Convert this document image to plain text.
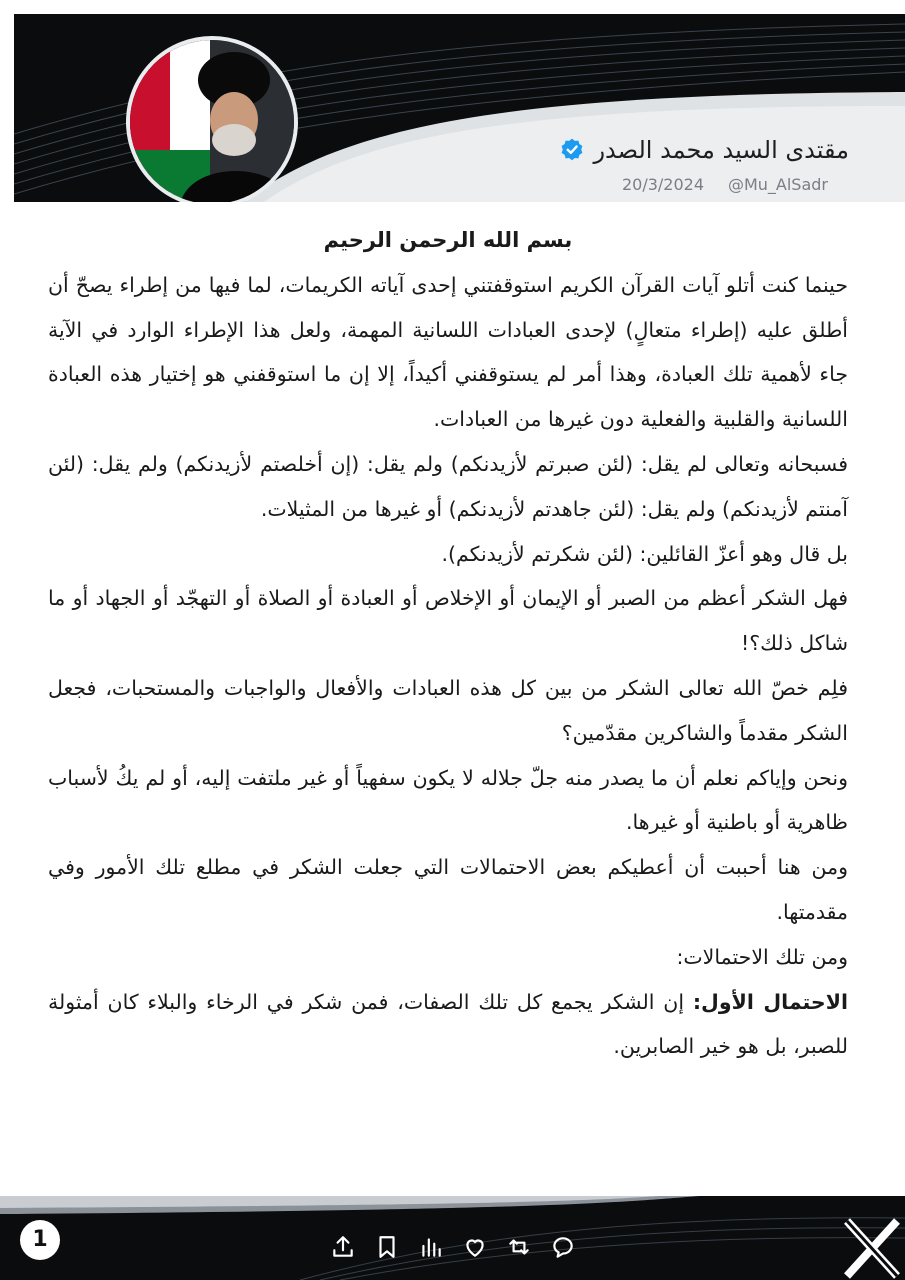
مقتدى السيد محمد الصدر
@Mu_AlSadr
20/3/2024

بسم الله الرحمن الرحيم

حينما كنت أتلو آيات القرآن الكريم استوقفتني إحدى آياته الكريمات، لما فيها من إطراء يصحّ أن أطلق عليه (إطراء متعالٍ) لإحدى العبادات اللسانية المهمة، ولعل هذا الإطراء الوارد في الآية جاء لأهمية تلك العبادة، وهذا أمر لم يستوقفني أكيداً، إلا إن ما استوقفني هو إختيار هذه العبادة اللسانية والقلبية والفعلية دون غيرها من العبادات.

فسبحانه وتعالى لم يقل: (لئن صبرتم لأزيدنكم) ولم يقل: (إن أخلصتم لأزيدنكم) ولم يقل: (لئن آمنتم لأزيدنكم) ولم يقل: (لئن جاهدتم لأزيدنكم) أو غيرها من المثيلات.

بل قال وهو أعزّ القائلين: (لئن شكرتم لأزيدنكم).

فهل الشكر أعظم من الصبر أو الإيمان أو الإخلاص أو العبادة أو الصلاة أو التهجّد أو الجهاد أو ما شاكل ذلك؟!

فلِم خصّ الله تعالى الشكر من بين كل هذه العبادات والأفعال والواجبات والمستحبات، فجعل الشكر مقدماً والشاكرين مقدّمين؟

ونحن وإياكم نعلم أن ما يصدر منه جلّ جلاله لا يكون سفهياً أو غير ملتفت إليه، أو لم يكُ لأسباب ظاهرية أو باطنية أو غيرها.

ومن هنا أحببت أن أعطيكم بعض الاحتمالات التي جعلت الشكر في مطلع تلك الأمور وفي مقدمتها.

ومن تلك الاحتمالات:

الاحتمال الأول: إن الشكر يجمع كل تلك الصفات، فمن شكر في الرخاء والبلاء كان أمثولة للصبر، بل هو خير الصابرين.

1
